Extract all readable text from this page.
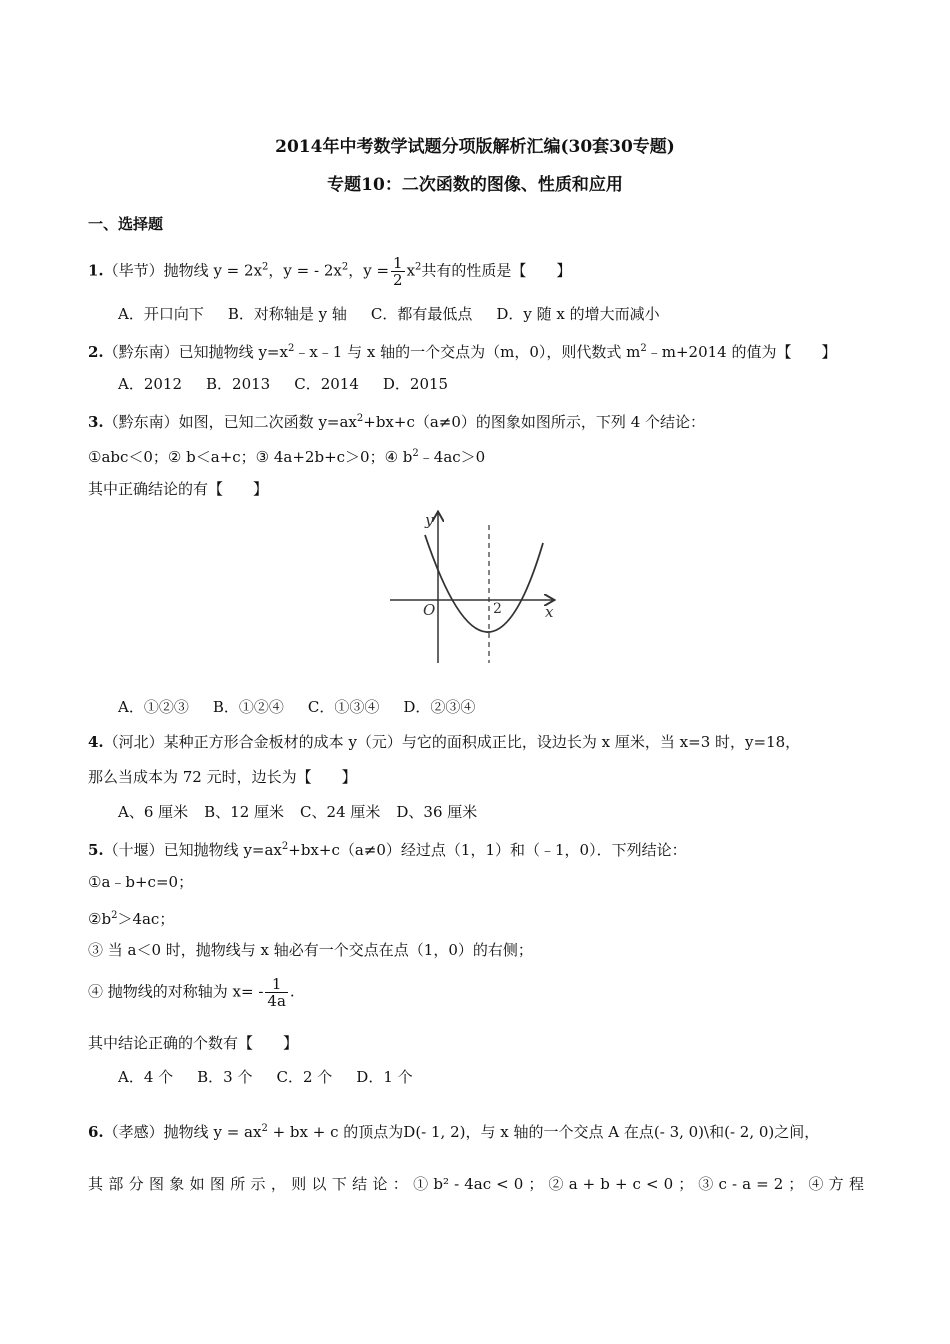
2014年中考数学试题分项版解析汇编(30套30专题)
专题10：二次函数的图像、性质和应用
一、选择题
1.（毕节）抛物线 $y = 2x^2$，y = - $2x^2$，$y = \frac{1}{2} x^2$共有的性质是【　　】
A．开口向下 B．对称轴是 y 轴 C．都有最低点 D．y 随 x 的增大而减小
2.（黔东南）已知抛物线 $y=x^2﹣x﹣1$ 与 x 轴的一个交点为（m，0），则代数式 $m^2﹣m+2014$ 的值为【　　】
A．2012 B．2013 C．2014 D．2015
3.（黔东南）如图，已知二次函数 $y=ax^2+bx+c(a\ne 0)$的图象如图所示，下列 4 个结论：
①abc＜0；② b＜a+c；③ 4a+2b+c＞0；④ $b^2﹣4ac>0$
其中正确结论的有【　　】
y
x
O	2
A．①②③ B．①②④ C．①③④ D．②③④
4.（河北）某种正方形合金板材的成本 y（元）与它的面积成正比，设边长为 x 厘米，当 x=3 时，y=18，
那么当成本为 72 元时，边长为【　　】
A、6 厘米 B、12 厘米 C、24 厘米 D、36 厘米
5.（十堰）已知抛物线 $y=ax^2+bx+c(a\ne 0)$经过点（1，1）和（﹣1，0）．下列结论：
①a﹣b+c=0；
$②b^2>4ac$；
③ 当 a＜0 时，抛物线与 x 轴必有一个交点在点（1，0）的右侧；
④ 抛物线的对称轴为 $x= - \frac{1}{4a}$ .
其中结论正确的个数有【　　】
A．4 个 B．3 个 C．2 个 D．1 个
6.（孝感）抛物线 $y = ax^2$ + bx + c 的顶点为D(- 1, 2)，与 x 轴的一个交点 A 在点(- 3, 0)\和(- 2, 0)之间，
其 部 分 图 象 如 图 所 示 ， 则 以 下 结 论 ： ① b² - 4ac < 0 ； ② a + b + c < 0 ； ③ c - a = 2 ； ④ 方 程
